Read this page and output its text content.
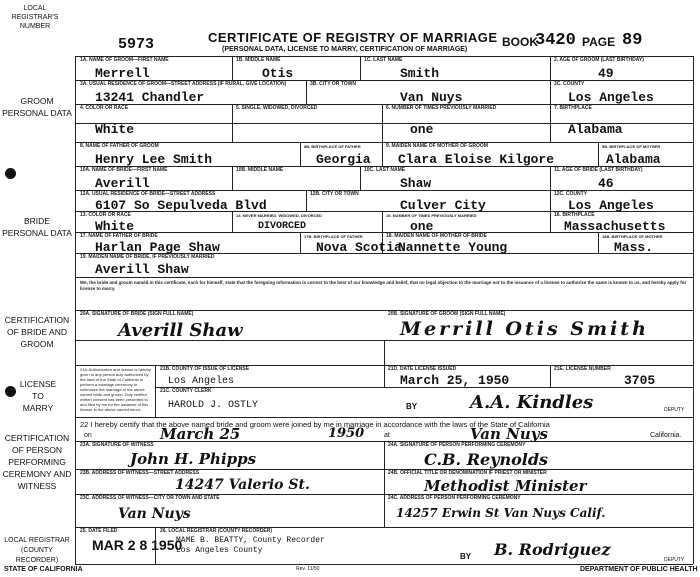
LOCAL REGISTRAR'S NUMBER
5973	CERTIFICATE OF REGISTRY OF MARRIAGE
(PERSONAL DATA, LICENSE TO MARRY, CERTIFICATION OF MARRIAGE)
BOOK
3420 PAGE 89
GROOM PERSONAL DATA
BRIDE PERSONAL DATA
CERTIFICATION OF BRIDE AND GROOM
LICENSE TO MARRY
CERTIFICATION OF PERSON PERFORMING CEREMONY AND WITNESS
LOCAL REGISTRAR (COUNTY RECORDER)
1A. NAME OF GROOM—FIRST NAME
Merrell
1B. MIDDLE NAME
Otis
1C. LAST NAME
Smith
2. AGE OF GROOM (LAST BIRTHDAY)
49
3A. USUAL RESIDENCE OF GROOM—STREET ADDRESS (IF RURAL, GIVE LOCATION)
13241 Chandler
3B. CITY OR TOWN
Van Nuys
3C. COUNTY
Los Angeles
4. COLOR OR RACE
White
5. SINGLE, WIDOWED, DIVORCED	6. NUMBER OF TIMES PREVIOUSLY MARRIED
one
7. BIRTHPLACE
Alabama
8. NAME OF FATHER OF GROOM
Henry Lee Smith
8B. BIRTHPLACE OF FATHER
Georgia
9. MAIDEN NAME OF MOTHER OF GROOM
Clara Eloise Kilgore
9B. BIRTHPLACE OF MOTHER
Alabama
10A. NAME OF BRIDE—FIRST NAME
Averill
10B. MIDDLE NAME	10C. LAST NAME
Shaw
11. AGE OF BRIDE (LAST BIRTHDAY)
46
12A. USUAL RESIDENCE OF BRIDE—STREET ADDRESS
6107 So Sepulveda Blvd
12B. CITY OR TOWN
Culver City
12C. COUNTY
Los Angeles
13. COLOR OR RACE
White
14. NEVER MARRIED, WIDOWED, DIVORCED
DIVORCED
15. NUMBER OF TIMES PREVIOUSLY MARRIED
one
16. BIRTHPLACE
Massachusetts
17. NAME OF FATHER OF BRIDE
Harlan Page Shaw
17B. BIRTHPLACE OF FATHER
Nova Scotia
18. MAIDEN NAME OF MOTHER OF BRIDE
Nannette Young
18B. BIRTHPLACE OF MOTHER
Mass.
19. MAIDEN NAME OF BRIDE, IF PREVIOUSLY MARRIED
Averill Shaw
We, the bride and groom named in this certificate, each for himself, state that the foregoing information is correct to the best of our knowledge and belief, that no legal objection to the marriage nor to the issuance of a license to authorize the same is known to us, and hereby apply for license to marry.
20A. SIGNATURE OF BRIDE (SIGN FULL NAME)
Averill Shaw
20B. SIGNATURE OF GROOM (SIGN FULL NAME)
Merrill Otis Smith
21a. Authorization and license is hereby given to any person duly authorized by the laws of the State of California to perform a marriage ceremony to solemnize the marriage of the above named bride and groom. Duly verified written consent has been presented to and filed by me for the issuance of this license to the above named minor.
21B. COUNTY OF ISSUE OF LICENSE
Los Angeles
21D. DATE LICENSE ISSUED
March 25, 1950
21E. LICENSE NUMBER
3705
21C. COUNTY CLERK
HAROLD J. OSTLY	BY	A.A. Kindles	DEPUTY
22 I hereby certify that the above named bride and groom were joined by me in marriage in accordance with the laws of the State of California
on	March 25	1950	at	Van Nuys	California.
23A. SIGNATURE OF WITNESS
John H. Phipps
24A. SIGNATURE OF PERSON PERFORMING CEREMONY
C.B. Reynolds
23B. ADDRESS OF WITNESS—STREET ADDRESS
14247 Valerio St.
24B. OFFICIAL TITLE OR DENOMINATION IF PRIEST OR MINISTER
Methodist Minister
23C. ADDRESS OF WITNESS—CITY OR TOWN AND STATE
Van Nuys
24C. ADDRESS OF PERSON PERFORMING CEREMONY
14257 Erwin St Van Nuys Calif.
25. DATE FILED
MAR 2 8 1950
26. LOCAL REGISTRAR (COUNTY RECORDER)
MAME B. BEATTY, County Recorder
Los Angeles County
BY B. Rodriguez
DEPUTY
STATE OF CALIFORNIA	Rev. 11/50	DEPARTMENT OF PUBLIC HEALTH
